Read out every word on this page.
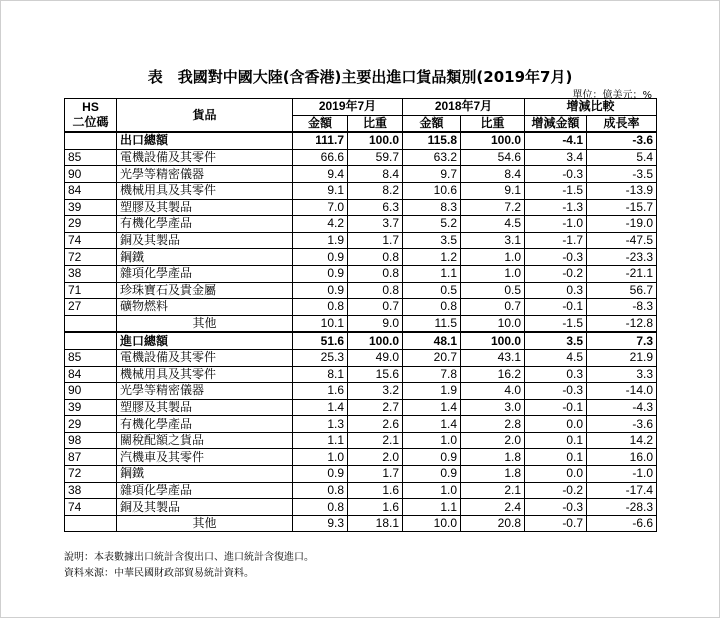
表　我國對中國大陸(含香港)主要出進口貨品類別(2019年7月)
單位：億美元；%
HS
二位碼	貨品	2019年7月		2018年7月		增減比較	
		金額	比重	金額	比重	增減金額	成長率
	出口總額	111.7	100.0	115.8	100.0	-4.1	-3.6
85	電機設備及其零件	66.6	59.7	63.2	54.6	3.4	5.4
90	光學等精密儀器	9.4	8.4	9.7	8.4	-0.3	-3.5
84	機械用具及其零件	9.1	8.2	10.6	9.1	-1.5	-13.9
39	塑膠及其製品	7.0	6.3	8.3	7.2	-1.3	-15.7
29	有機化學產品	4.2	3.7	5.2	4.5	-1.0	-19.0
74	銅及其製品	1.9	1.7	3.5	3.1	-1.7	-47.5
72	鋼鐵	0.9	0.8	1.2	1.0	-0.3	-23.3
38	雜項化學產品	0.9	0.8	1.1	1.0	-0.2	-21.1
71	珍珠寶石及貴金屬	0.9	0.8	0.5	0.5	0.3	56.7
27	礦物燃料	0.8	0.7	0.8	0.7	-0.1	-8.3
	其他	10.1	9.0	11.5	10.0	-1.5	-12.8
	進口總額	51.6	100.0	48.1	100.0	3.5	7.3
85	電機設備及其零件	25.3	49.0	20.7	43.1	4.5	21.9
84	機械用具及其零件	8.1	15.6	7.8	16.2	0.3	3.3
90	光學等精密儀器	1.6	3.2	1.9	4.0	-0.3	-14.0
39	塑膠及其製品	1.4	2.7	1.4	3.0	-0.1	-4.3
29	有機化學產品	1.3	2.6	1.4	2.8	0.0	-3.6
98	關稅配額之貨品	1.1	2.1	1.0	2.0	0.1	14.2
87	汽機車及其零件	1.0	2.0	0.9	1.8	0.1	16.0
72	鋼鐵	0.9	1.7	0.9	1.8	0.0	-1.0
38	雜項化學產品	0.8	1.6	1.0	2.1	-0.2	-17.4
74	銅及其製品	0.8	1.6	1.1	2.4	-0.3	-28.3
	其他	9.3	18.1	10.0	20.8	-0.7	-6.6
說明：本表數據出口統計含復出口、進口統計含復進口。
資料來源：中華民國財政部貿易統計資料。
